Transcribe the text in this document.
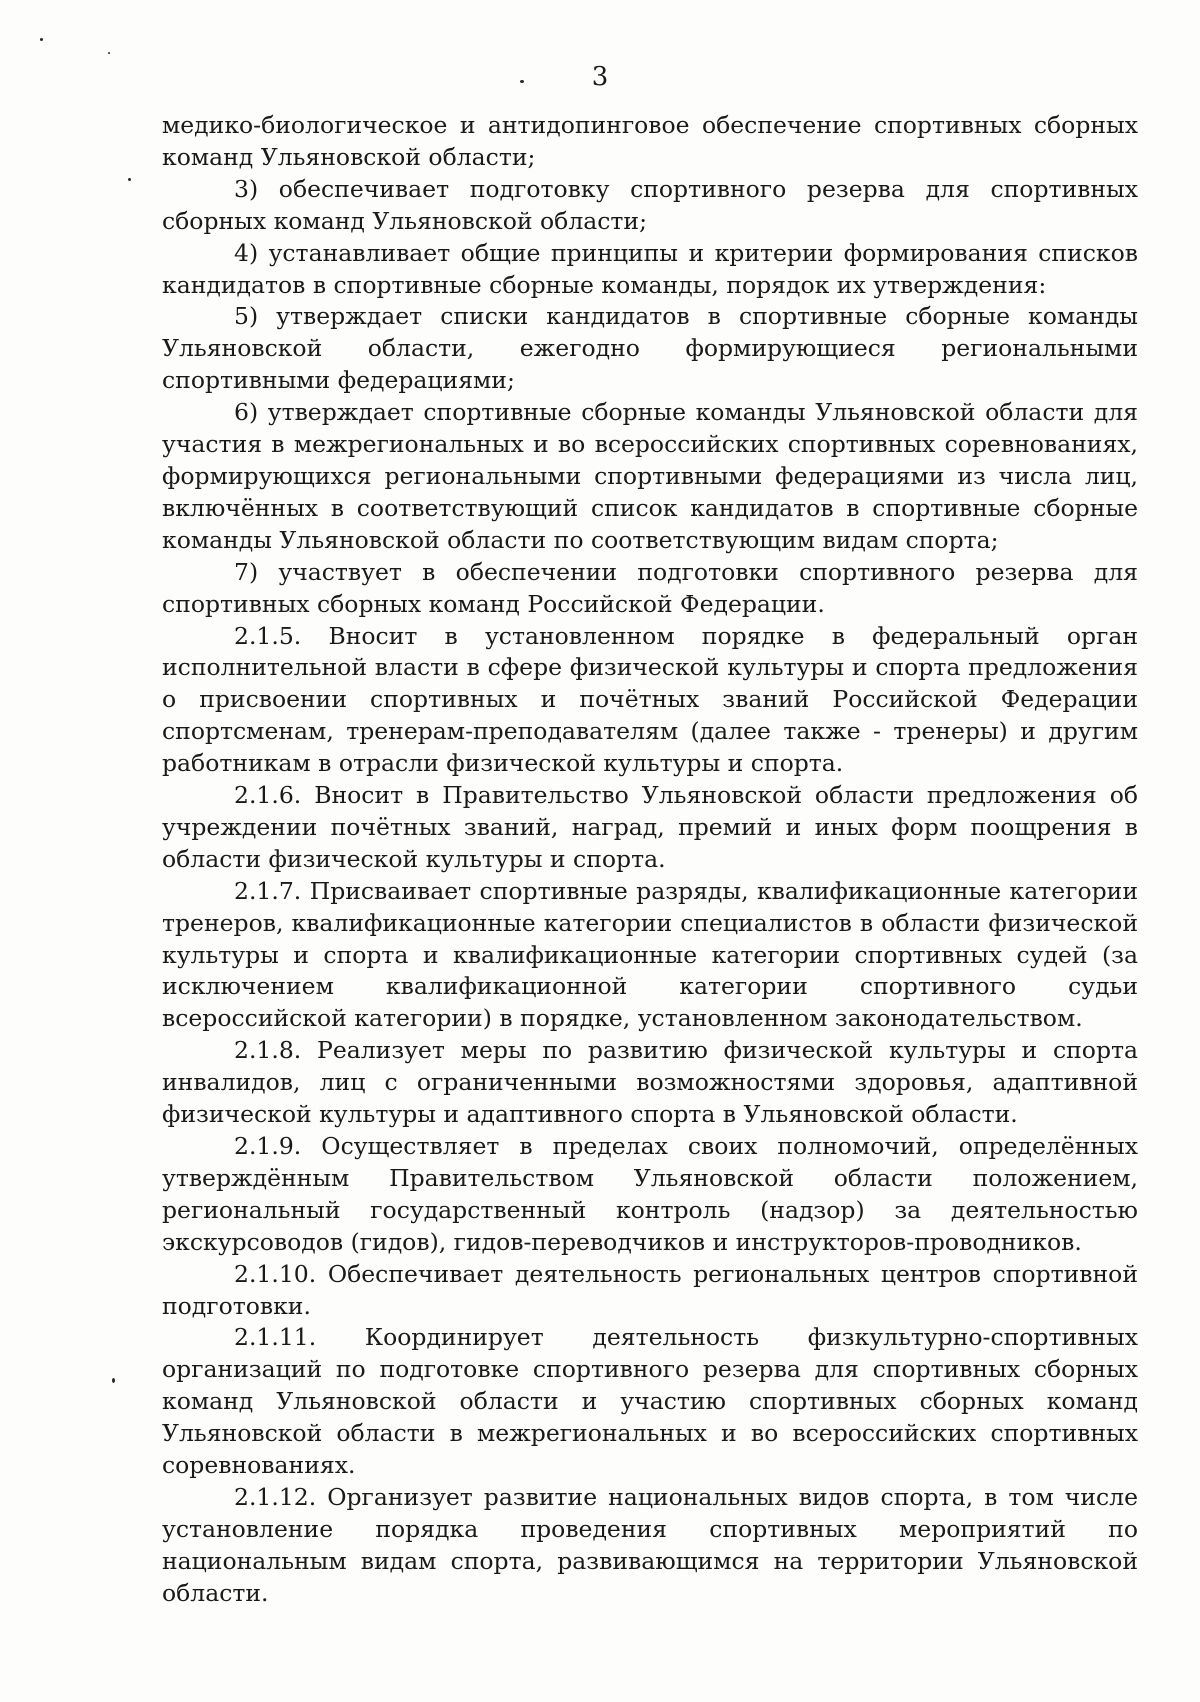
3

медико-биологическое и антидопинговое обеспечение спортивных сборных команд Ульяновской области;

3) обеспечивает подготовку спортивного резерва для спортивных сборных команд Ульяновской области;

4) устанавливает общие принципы и критерии формирования списков кандидатов в спортивные сборные команды, порядок их утверждения:

5) утверждает списки кандидатов в спортивные сборные команды Ульяновской области, ежегодно формирующиеся региональными спортивными федерациями;

6) утверждает спортивные сборные команды Ульяновской области для участия в межрегиональных и во всероссийских спортивных соревнованиях, формирующихся региональными спортивными федерациями из числа лиц, включённых в соответствующий список кандидатов в спортивные сборные команды Ульяновской области по соответствующим видам спорта;

7) участвует в обеспечении подготовки спортивного резерва для спортивных сборных команд Российской Федерации.

2.1.5. Вносит в установленном порядке в федеральный орган исполнительной власти в сфере физической культуры и спорта предложения о присвоении спортивных и почётных званий Российской Федерации спортсменам, тренерам-преподавателям (далее также - тренеры) и другим работникам в отрасли физической культуры и спорта.

2.1.6. Вносит в Правительство Ульяновской области предложения об учреждении почётных званий, наград, премий и иных форм поощрения в области физической культуры и спорта.

2.1.7. Присваивает спортивные разряды, квалификационные категории тренеров, квалификационные категории специалистов в области физической культуры и спорта и квалификационные категории спортивных судей (за исключением квалификационной категории спортивного судьи всероссийской категории) в порядке, установленном законодательством.

2.1.8. Реализует меры по развитию физической культуры и спорта инвалидов, лиц с ограниченными возможностями здоровья, адаптивной физической культуры и адаптивного спорта в Ульяновской области.

2.1.9. Осуществляет в пределах своих полномочий, определённых утверждённым Правительством Ульяновской области положением, региональный государственный контроль (надзор) за деятельностью экскурсоводов (гидов), гидов-переводчиков и инструкторов-проводников.

2.1.10. Обеспечивает деятельность региональных центров спортивной подготовки.

2.1.11. Координирует деятельность физкультурно-спортивных организаций по подготовке спортивного резерва для спортивных сборных команд Ульяновской области и участию спортивных сборных команд Ульяновской области в межрегиональных и во всероссийских спортивных соревнованиях.

2.1.12. Организует развитие национальных видов спорта, в том числе установление порядка проведения спортивных мероприятий по национальным видам спорта, развивающимся на территории Ульяновской области.
